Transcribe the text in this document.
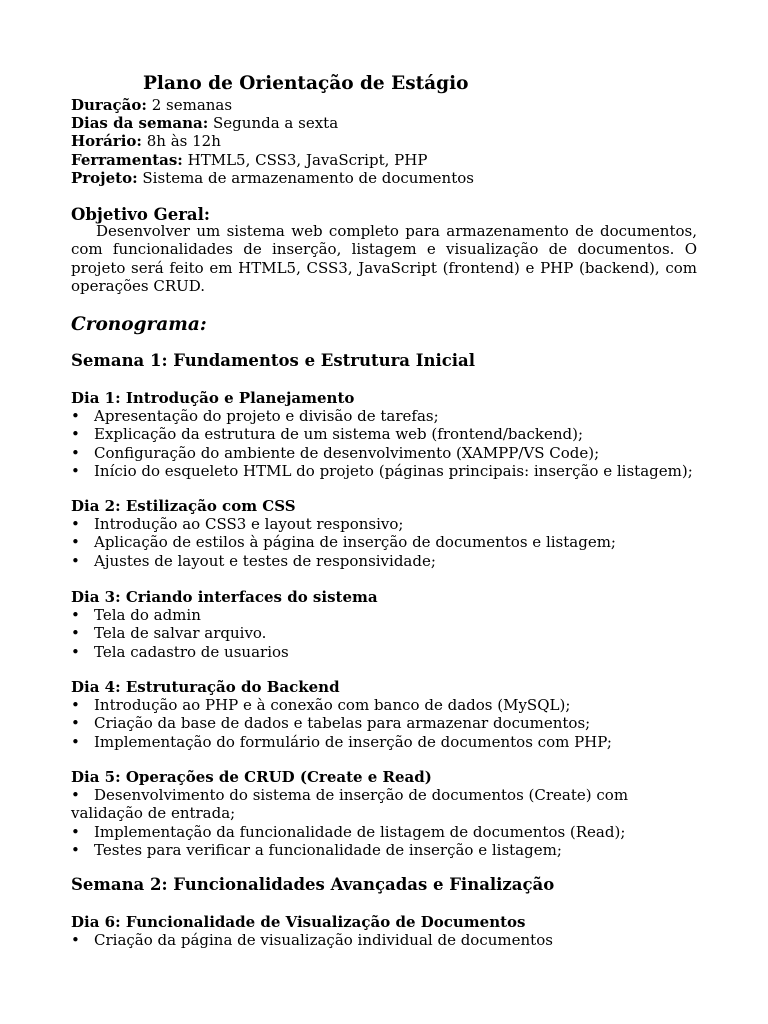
Plano de Orientação de Estágio
Duração: 2 semanas
Dias da semana: Segunda a sexta
Horário: 8h às 12h
Ferramentas: HTML5, CSS3, JavaScript, PHP
Projeto: Sistema de armazenamento de documentos
Objetivo Geral:
Desenvolver um sistema web completo para armazenamento de documentos, com funcionalidades de inserção, listagem e visualização de documentos. O projeto será feito em HTML5, CSS3, JavaScript (frontend) e PHP (backend), com operações CRUD.
Cronograma:
Semana 1: Fundamentos e Estrutura Inicial
Dia 1: Introdução e Planejamento
• Apresentação do projeto e divisão de tarefas;
• Explicação da estrutura de um sistema web (frontend/backend);
• Configuração do ambiente de desenvolvimento (XAMPP/VS Code);
• Início do esqueleto HTML do projeto (páginas principais: inserção e listagem);
Dia 2: Estilização com CSS
• Introdução ao CSS3 e layout responsivo;
• Aplicação de estilos à página de inserção de documentos e listagem;
• Ajustes de layout e testes de responsividade;
Dia 3: Criando interfaces do sistema
• Tela do admin
• Tela de salvar arquivo.
• Tela cadastro de usuarios
Dia 4: Estruturação do Backend
• Introdução ao PHP e à conexão com banco de dados (MySQL);
• Criação da base de dados e tabelas para armazenar documentos;
• Implementação do formulário de inserção de documentos com PHP;
Dia 5: Operações de CRUD (Create e Read)
• Desenvolvimento do sistema de inserção de documentos (Create) com validação de entrada;
• Implementação da funcionalidade de listagem de documentos (Read);
• Testes para verificar a funcionalidade de inserção e listagem;
Semana 2: Funcionalidades Avançadas e Finalização
Dia 6: Funcionalidade de Visualização de Documentos
• Criação da página de visualização individual de documentos
